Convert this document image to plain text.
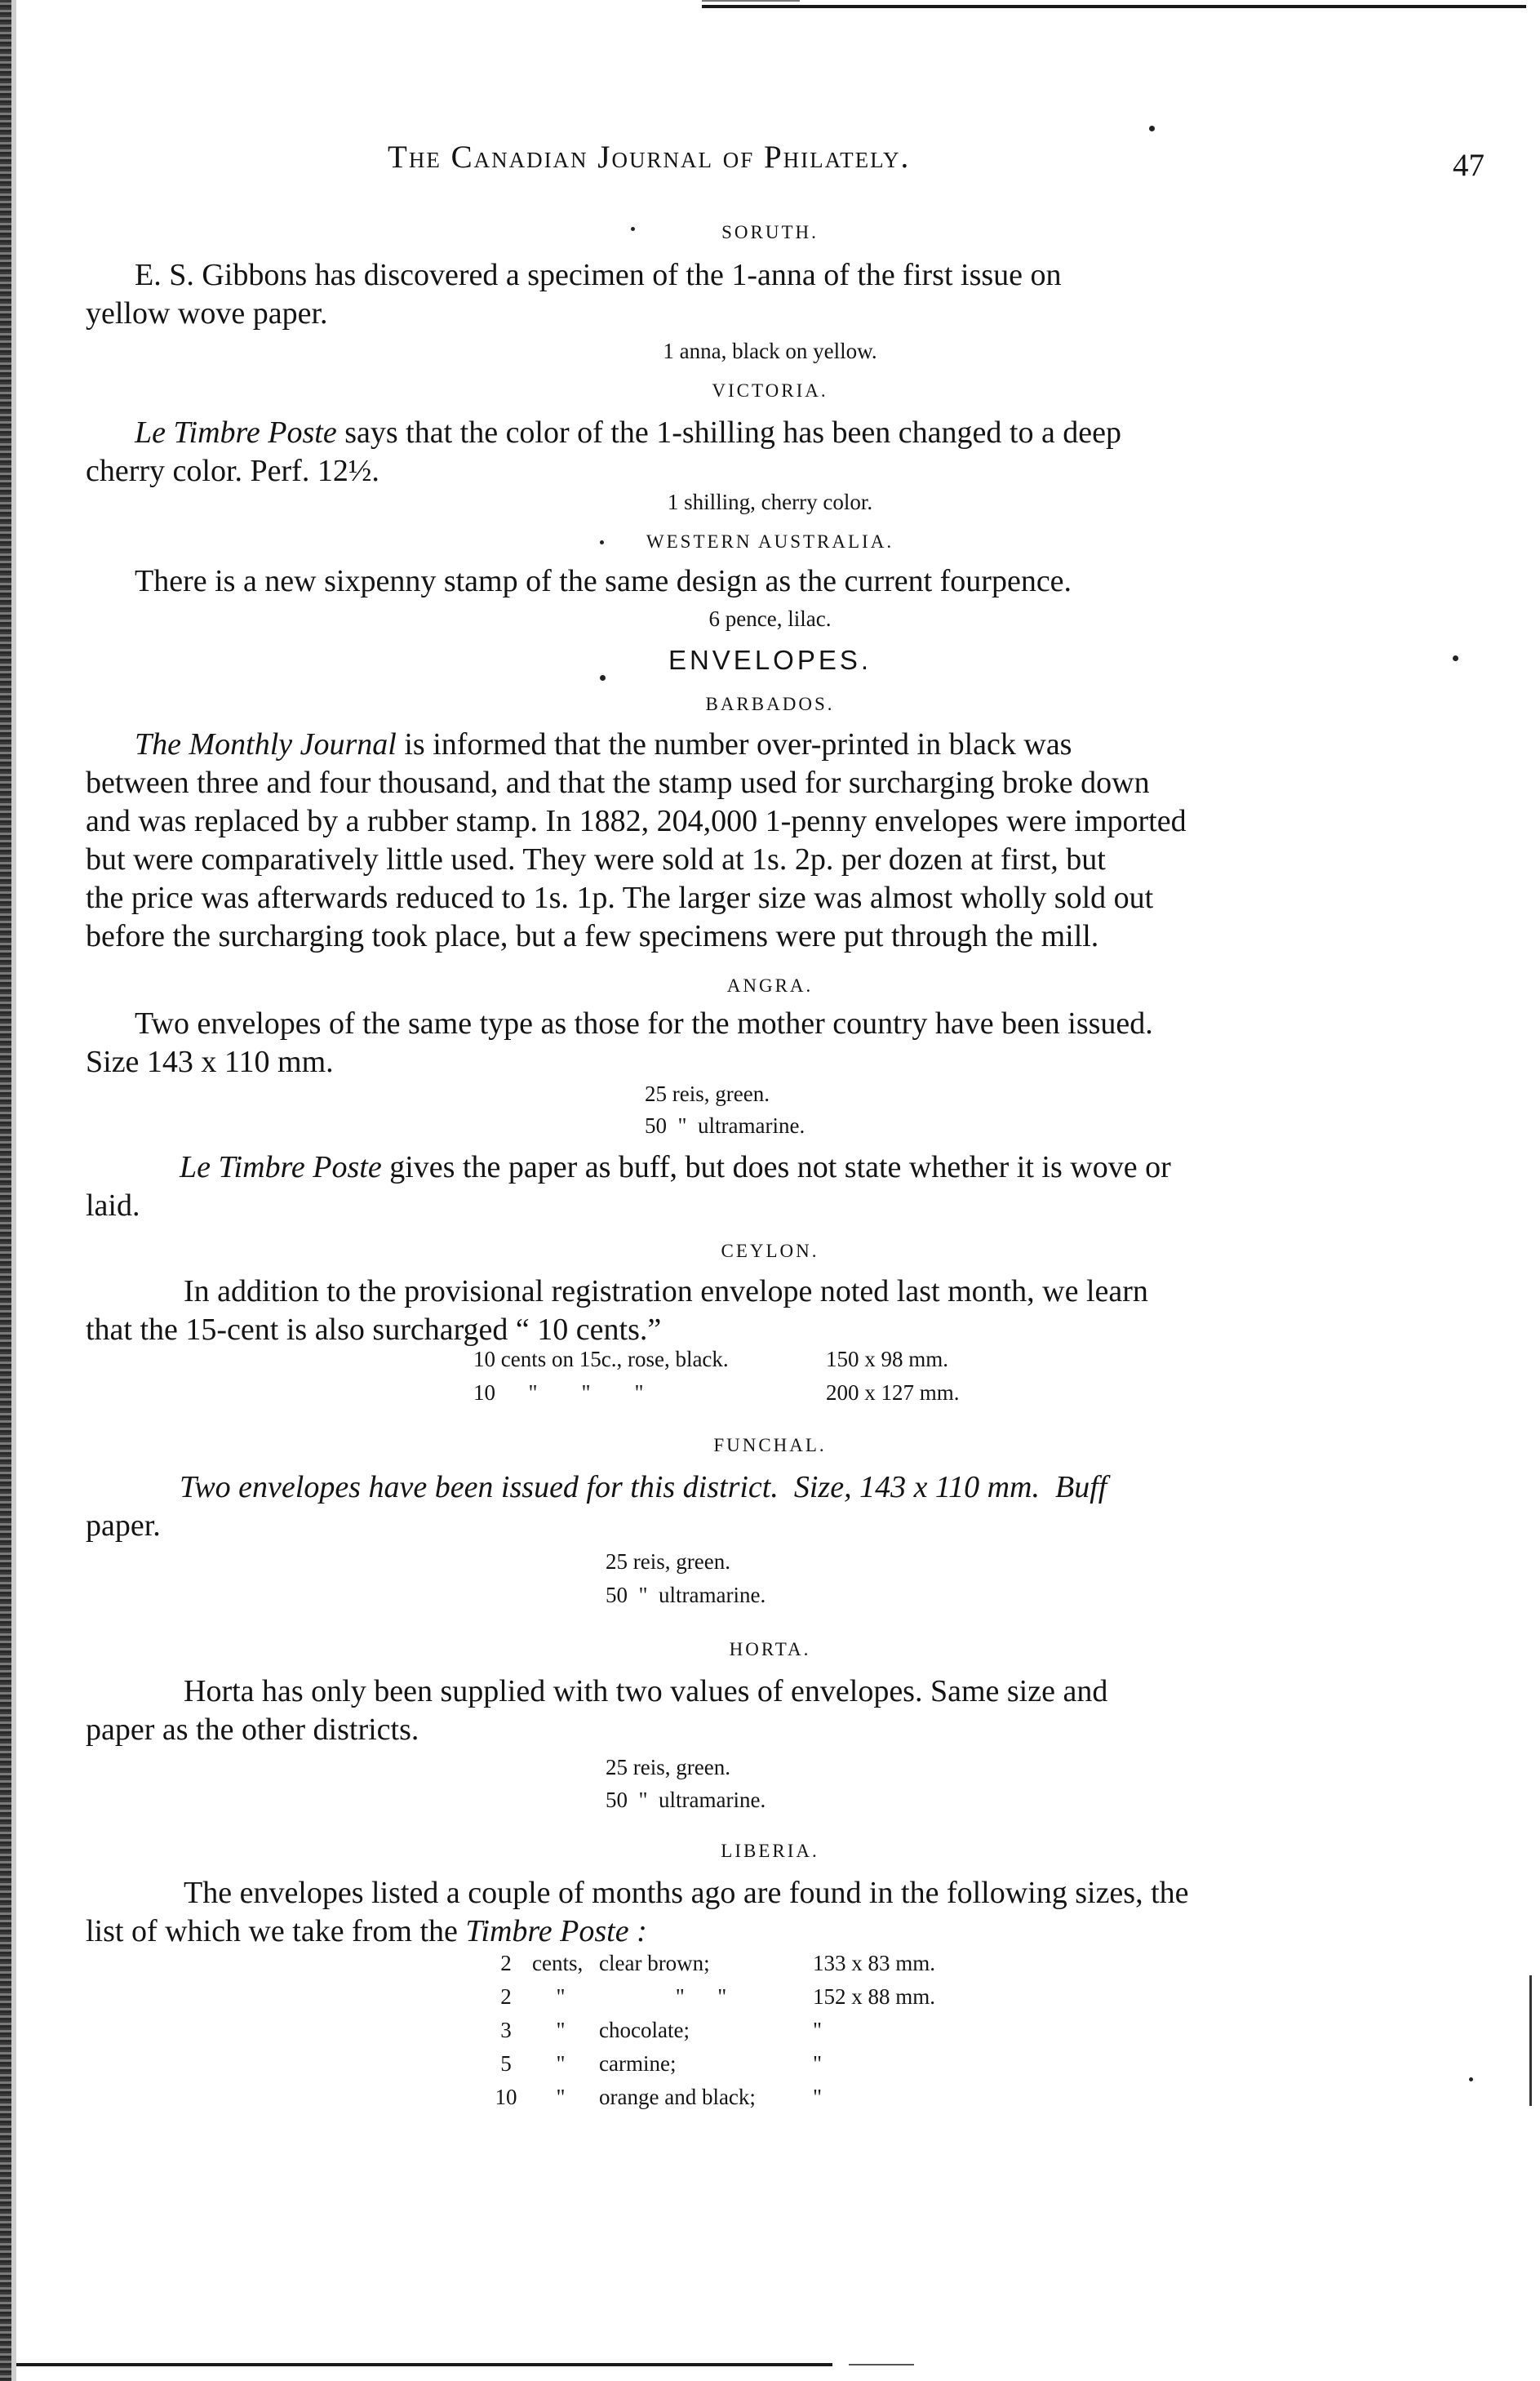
The Canadian Journal of Philately.	47
SORUTH.
E. S. Gibbons has discovered a specimen of the 1-anna of the first issue on
yellow wove paper.
1 anna, black on yellow.
VICTORIA.
Le Timbre Poste says that the color of the 1-shilling has been changed to a deep
cherry color. Perf. 12½.
1 shilling, cherry color.
WESTERN AUSTRALIA.
There is a new sixpenny stamp of the same design as the current fourpence.
6 pence, lilac.
ENVELOPES.
BARBADOS.
The Monthly Journal is informed that the number over-printed in black was
between three and four thousand, and that the stamp used for surcharging broke down
and was replaced by a rubber stamp. In 1882, 204,000 1-penny envelopes were imported
but were comparatively little used. They were sold at 1s. 2p. per dozen at first, but
the price was afterwards reduced to 1s. 1p. The larger size was almost wholly sold out
before the surcharging took place, but a few specimens were put through the mill.
ANGRA.
Two envelopes of the same type as those for the mother country have been issued.
Size 143 x 110 mm.
25 reis, green.
50  "  ultramarine.
Le Timbre Poste gives the paper as buff, but does not state whether it is wove or
laid.
CEYLON.
In addition to the provisional registration envelope noted last month, we learn
that the 15-cent is also surcharged “ 10 cents.”
10 cents on 15c., rose, black.	150 x 98 mm.
10      "        "        "	200 x 127 mm.
FUNCHAL.
Two envelopes have been issued for this district.  Size, 143 x 110 mm.  Buff
paper.
25 reis, green.
50  "  ultramarine.
HORTA.
Horta has only been supplied with two values of envelopes. Same size and
paper as the other districts.
25 reis, green.
50  "  ultramarine.
LIBERIA.
The envelopes listed a couple of months ago are found in the following sizes, the
list of which we take from the Timbre Poste :
2	cents,	clear brown;	133 x 83 mm.
2	"	"      "	152 x 88 mm.
3	"	chocolate;	"
5	"	carmine;	"
10	"	orange and black;	"
